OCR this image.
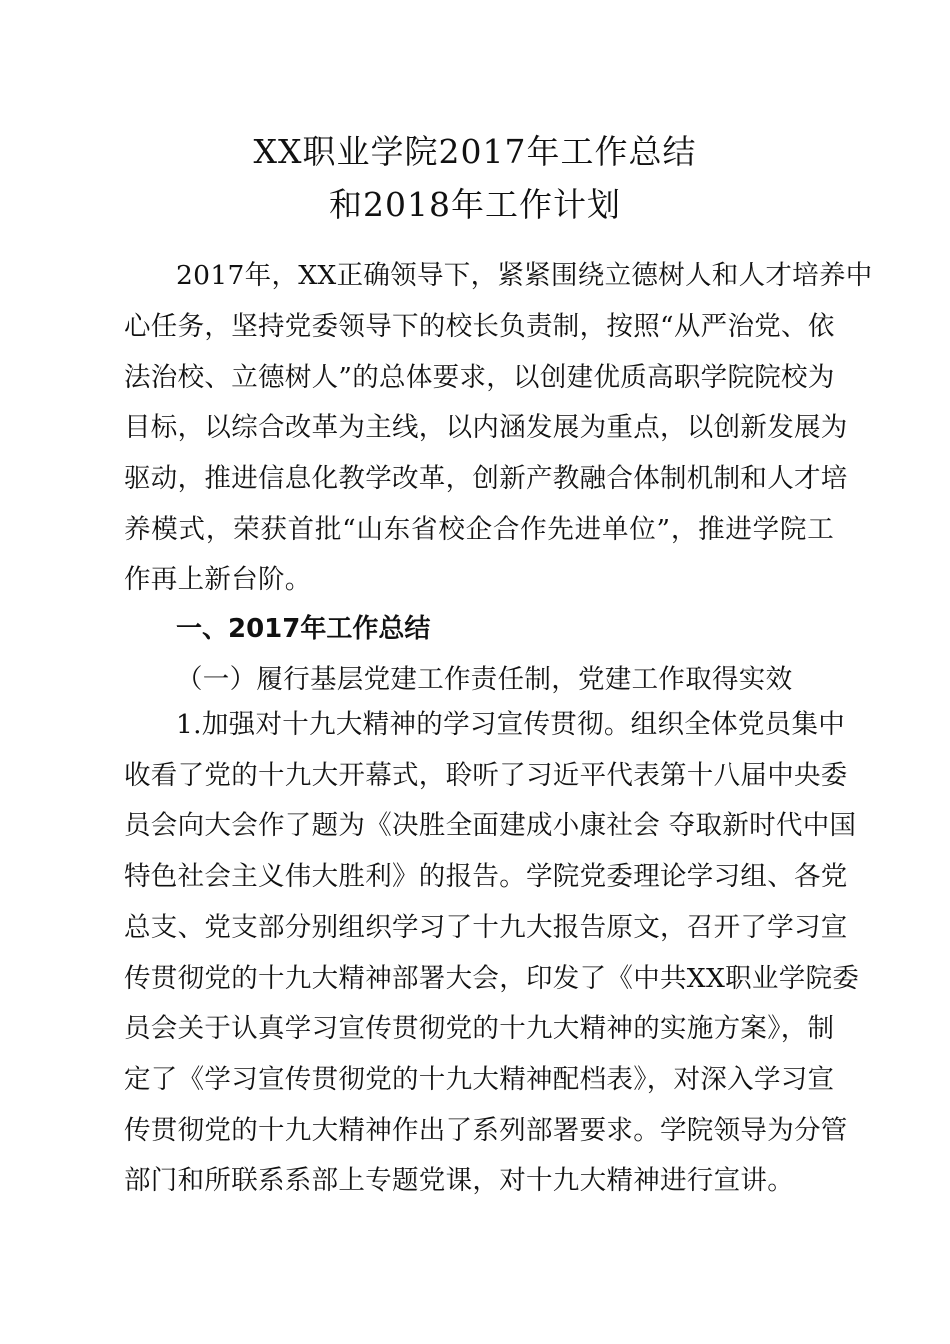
XX职业学院2017年工作总结
和2018年工作计划
2017年，XX正确领导下，紧紧围绕立德树人和人才培养中
心任务，坚持党委领导下的校长负责制，按照“从严治党、依
法治校、立德树人”的总体要求，以创建优质高职学院院校为
目标，以综合改革为主线，以内涵发展为重点，以创新发展为
驱动，推进信息化教学改革，创新产教融合体制机制和人才培
养模式，荣获首批“山东省校企合作先进单位”，推进学院工
作再上新台阶。
一、2017年工作总结
（一）履行基层党建工作责任制，党建工作取得实效
1.加强对十九大精神的学习宣传贯彻。组织全体党员集中
收看了党的十九大开幕式，聆听了习近平代表第十八届中央委
员会向大会作了题为《决胜全面建成小康社会 夺取新时代中国
特色社会主义伟大胜利》的报告。学院党委理论学习组、各党
总支、党支部分别组织学习了十九大报告原文，召开了学习宣
传贯彻党的十九大精神部署大会，印发了《中共XX职业学院委
员会关于认真学习宣传贯彻党的十九大精神的实施方案》，制
定了《学习宣传贯彻党的十九大精神配档表》，对深入学习宣
传贯彻党的十九大精神作出了系列部署要求。学院领导为分管
部门和所联系系部上专题党课，对十九大精神进行宣讲。
